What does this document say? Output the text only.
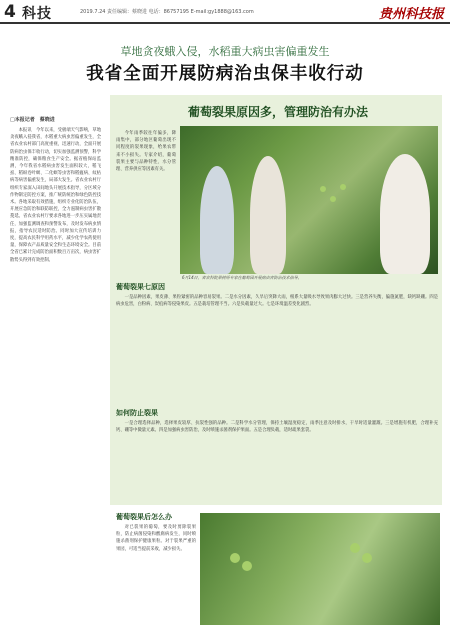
4 科技	2019.7.24 责任编辑：蔡晓进 电话：86757195 E-mail:gy1888@163.com	贵州科技报
草地贪夜蛾入侵，水稻重大病虫害偏重发生
我省全面开展防病治虫保丰收行动
□本报记者　蔡晓进

本报讯　今年以来，受极端天气影响，草地贪夜蛾入侵我省，水稻重大病虫害偏重发生，全省农业农村部门高度重视，迅速行动，全面开展防病治虫保丰收行动，切实加强监测预警，科学精准防控，确保粮食生产安全。据省植保站监测，今年我省水稻病虫害发生面积较大，稻飞虱、稻纵卷叶螟、二化螟等虫害和稻瘟病、纹枯病等病害偏重发生，局部大发生。省农业农村厅组织专家深入田间地头开展技术指导，分区域分作物制定防控方案，推广统防统治和绿色防控技术。各地采取有效措施，组织专业化防治队伍，开展应急防治和联防联控，全力遏制病虫害扩散蔓延。省农业农村厅要求各地进一步压实属地责任，加强监测调查和预警发布，及时发布病虫情报，指导农民适时防治。同时加大宣传培训力度，提高农民科学用药水平，减少化学农药使用量，保障农产品质量安全和生态环境安全。目前全省已累计完成防治面积数百万亩次，病虫害扩散势头得到有效控制。

葡萄裂果原因多，管理防治有办法

今年雨季较往年偏多，降雨集中，部分地区葡萄出现不同程度的裂果现象，给果农带来不小损失。专家介绍，葡萄裂果主要与品种特性、水分管理、营养供应等因素有关。

6月14日，省农科院果树所专家在葡萄园开展病虫害防治技术指导。
葡萄裂果七原因

一是品种因素，果皮薄、果粒紧密的品种容易裂果。二是水分因素，久旱后突降大雨，根系大量吸水导致果肉膨大过快。三是营养失衡，偏施氮肥，缺钙缺硼。四是病虫危害，白粉病、炭疽病等侵染果皮。五是栽培管理不当。六是负载量过大。七是环境温差变化剧烈。

如何防止裂果

一是合理选择品种，选择果皮较厚、抗裂性强的品种。二是科学水分管理，保持土壤湿度稳定，雨季注意及时排水，干旱时适量灌溉。三是增施有机肥，合理补充钙、硼等中微量元素。四是加强病虫害防治，及时喷施杀菌剂保护果面。五是合理负载，适时疏果套袋。

葡萄裂果后怎么办

对已裂果的葡萄，要及时剪除裂果粒，防止病菌侵染和酸腐病发生，同时喷施杀菌剂保护健康果粒。对于裂果严重的果园，可适当提前采收，减少损失。
